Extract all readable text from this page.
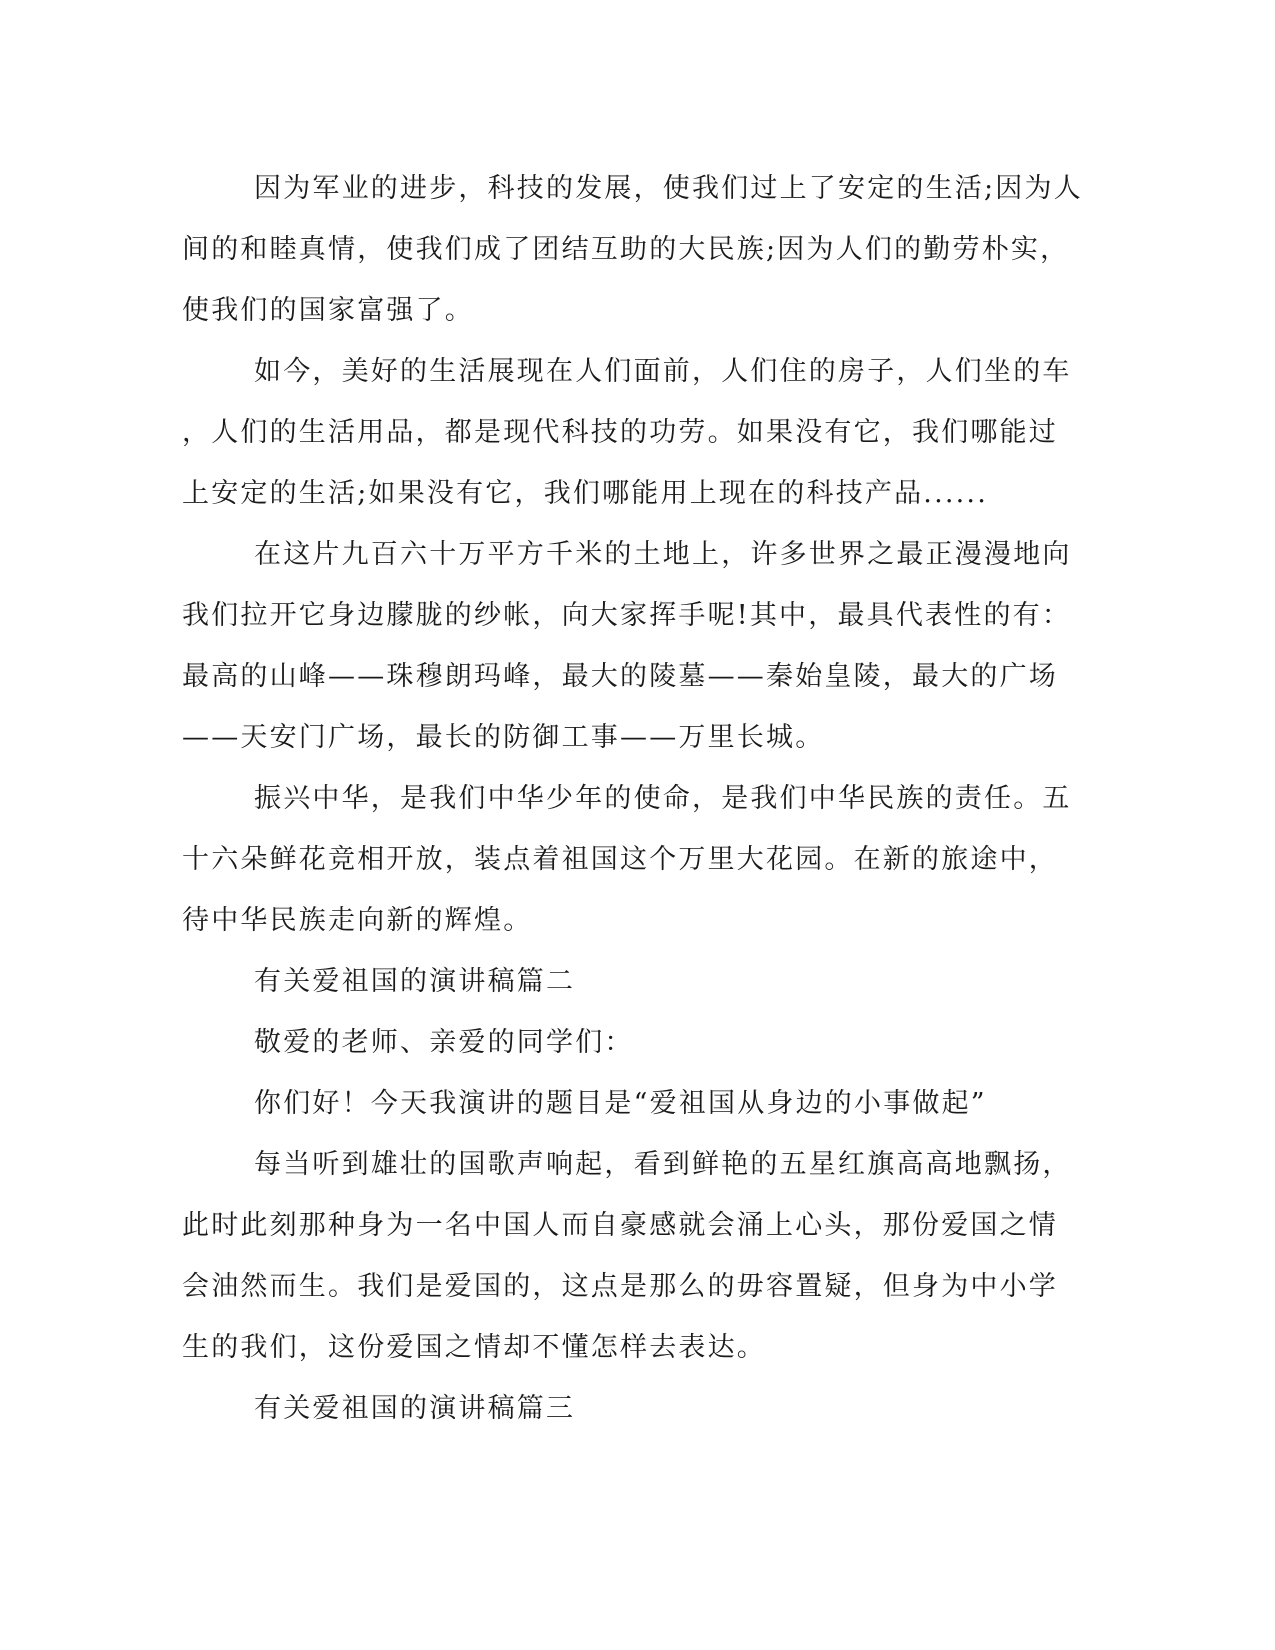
因为军业的进步，科技的发展，使我们过上了安定的生活;因为人
间的和睦真情，使我们成了团结互助的大民族;因为人们的勤劳朴实，
使我们的国家富强了。
如今，美好的生活展现在人们面前，人们住的房子，人们坐的车
，人们的生活用品，都是现代科技的功劳。如果没有它，我们哪能过
上安定的生活;如果没有它，我们哪能用上现在的科技产品......
在这片九百六十万平方千米的土地上，许多世界之最正漫漫地向
我们拉开它身边朦胧的纱帐，向大家挥手呢!其中，最具代表性的有：
最高的山峰——珠穆朗玛峰，最大的陵墓——秦始皇陵，最大的广场
——天安门广场，最长的防御工事——万里长城。
振兴中华，是我们中华少年的使命，是我们中华民族的责任。五
十六朵鲜花竞相开放，装点着祖国这个万里大花园。在新的旅途中，
待中华民族走向新的辉煌。
有关爱祖国的演讲稿篇二
敬爱的老师、亲爱的同学们：
你们好！今天我演讲的题目是“爱祖国从身边的小事做起”
每当听到雄壮的国歌声响起，看到鲜艳的五星红旗高高地飘扬，
此时此刻那种身为一名中国人而自豪感就会涌上心头，那份爱国之情
会油然而生。我们是爱国的，这点是那么的毋容置疑，但身为中小学
生的我们，这份爱国之情却不懂怎样去表达。
有关爱祖国的演讲稿篇三
